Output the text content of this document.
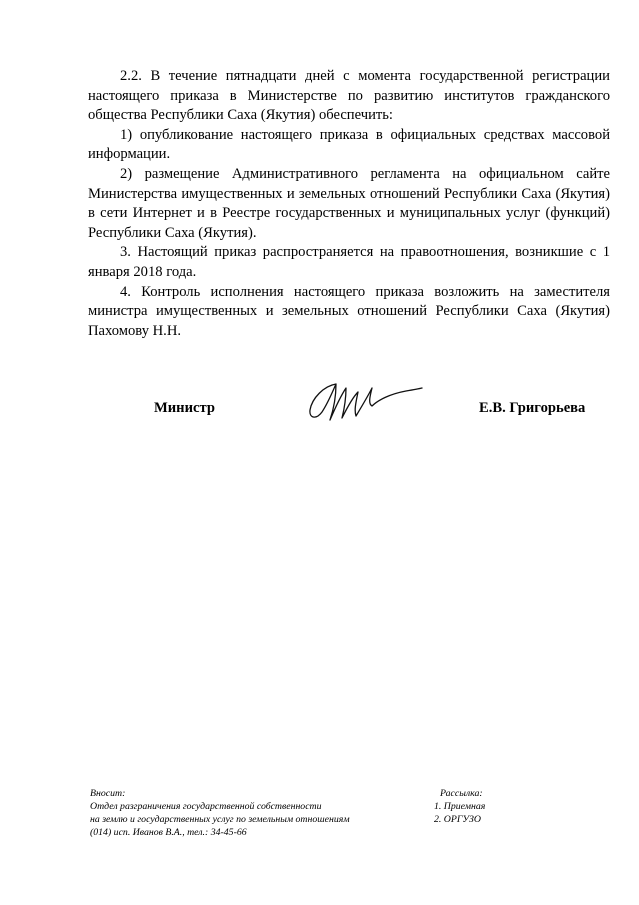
2.2. В течение пятнадцати дней с момента государственной регистрации настоящего приказа в Министерстве по развитию институтов гражданского общества Республики Саха (Якутия) обеспечить:

1) опубликование настоящего приказа в официальных средствах массовой информации.

2) размещение Административного регламента на официальном сайте Министерства имущественных и земельных отношений Республики Саха (Якутия) в сети Интернет и в Реестре государственных и муниципальных услуг (функций) Республики Саха (Якутия).

3. Настоящий приказ распространяется на правоотношения, возникшие с 1 января 2018 года.

4. Контроль исполнения настоящего приказа возложить на заместителя министра имущественных и земельных отношений Республики Саха (Якутия) Пахомову Н.Н.

Министр	Е.В. Григорьева
Вносит:
Отдел разграничения государственной собственности
на землю и государственных услуг по земельным отношениям
(014) исп. Иванов В.А., тел.: 34-45-66
Рассылка:
1. Приемная
2. ОРГУЗО
